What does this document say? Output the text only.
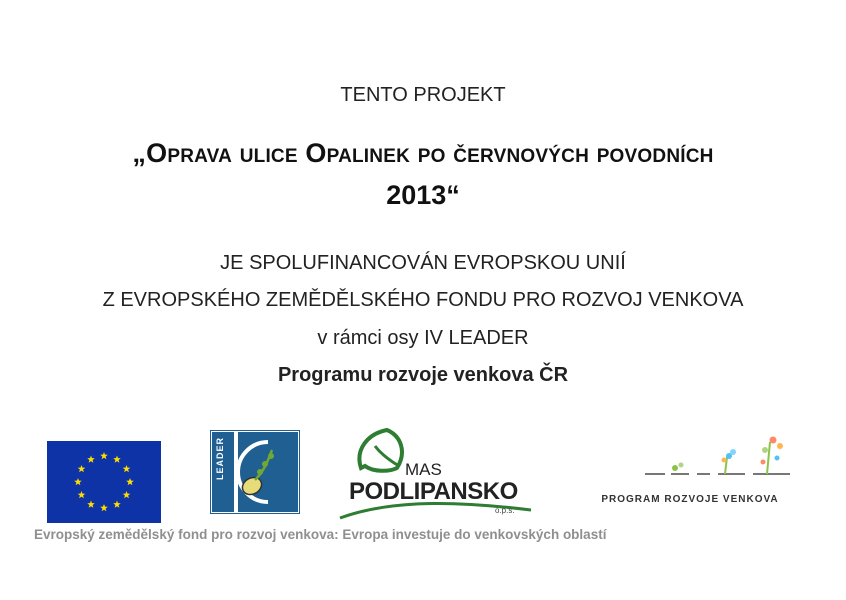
TENTO PROJEKT
„Oprava ulice Opalinek po červnových povodních
2013“
JE SPOLUFINANCOVÁN EVROPSKOU UNIÍ
Z EVROPSKÉHO ZEMĚDĚLSKÉHO FONDU PRO ROZVOJ VENKOVA
v rámci osy IV LEADER
Programu rozvoje venkova ČR
LEADER	MAS
PODLIPANSKO
o.p.s.
PROGRAM ROZVOJE VENKOVA
Evropský zemědělský fond pro rozvoj venkova: Evropa investuje do venkovských oblastí
